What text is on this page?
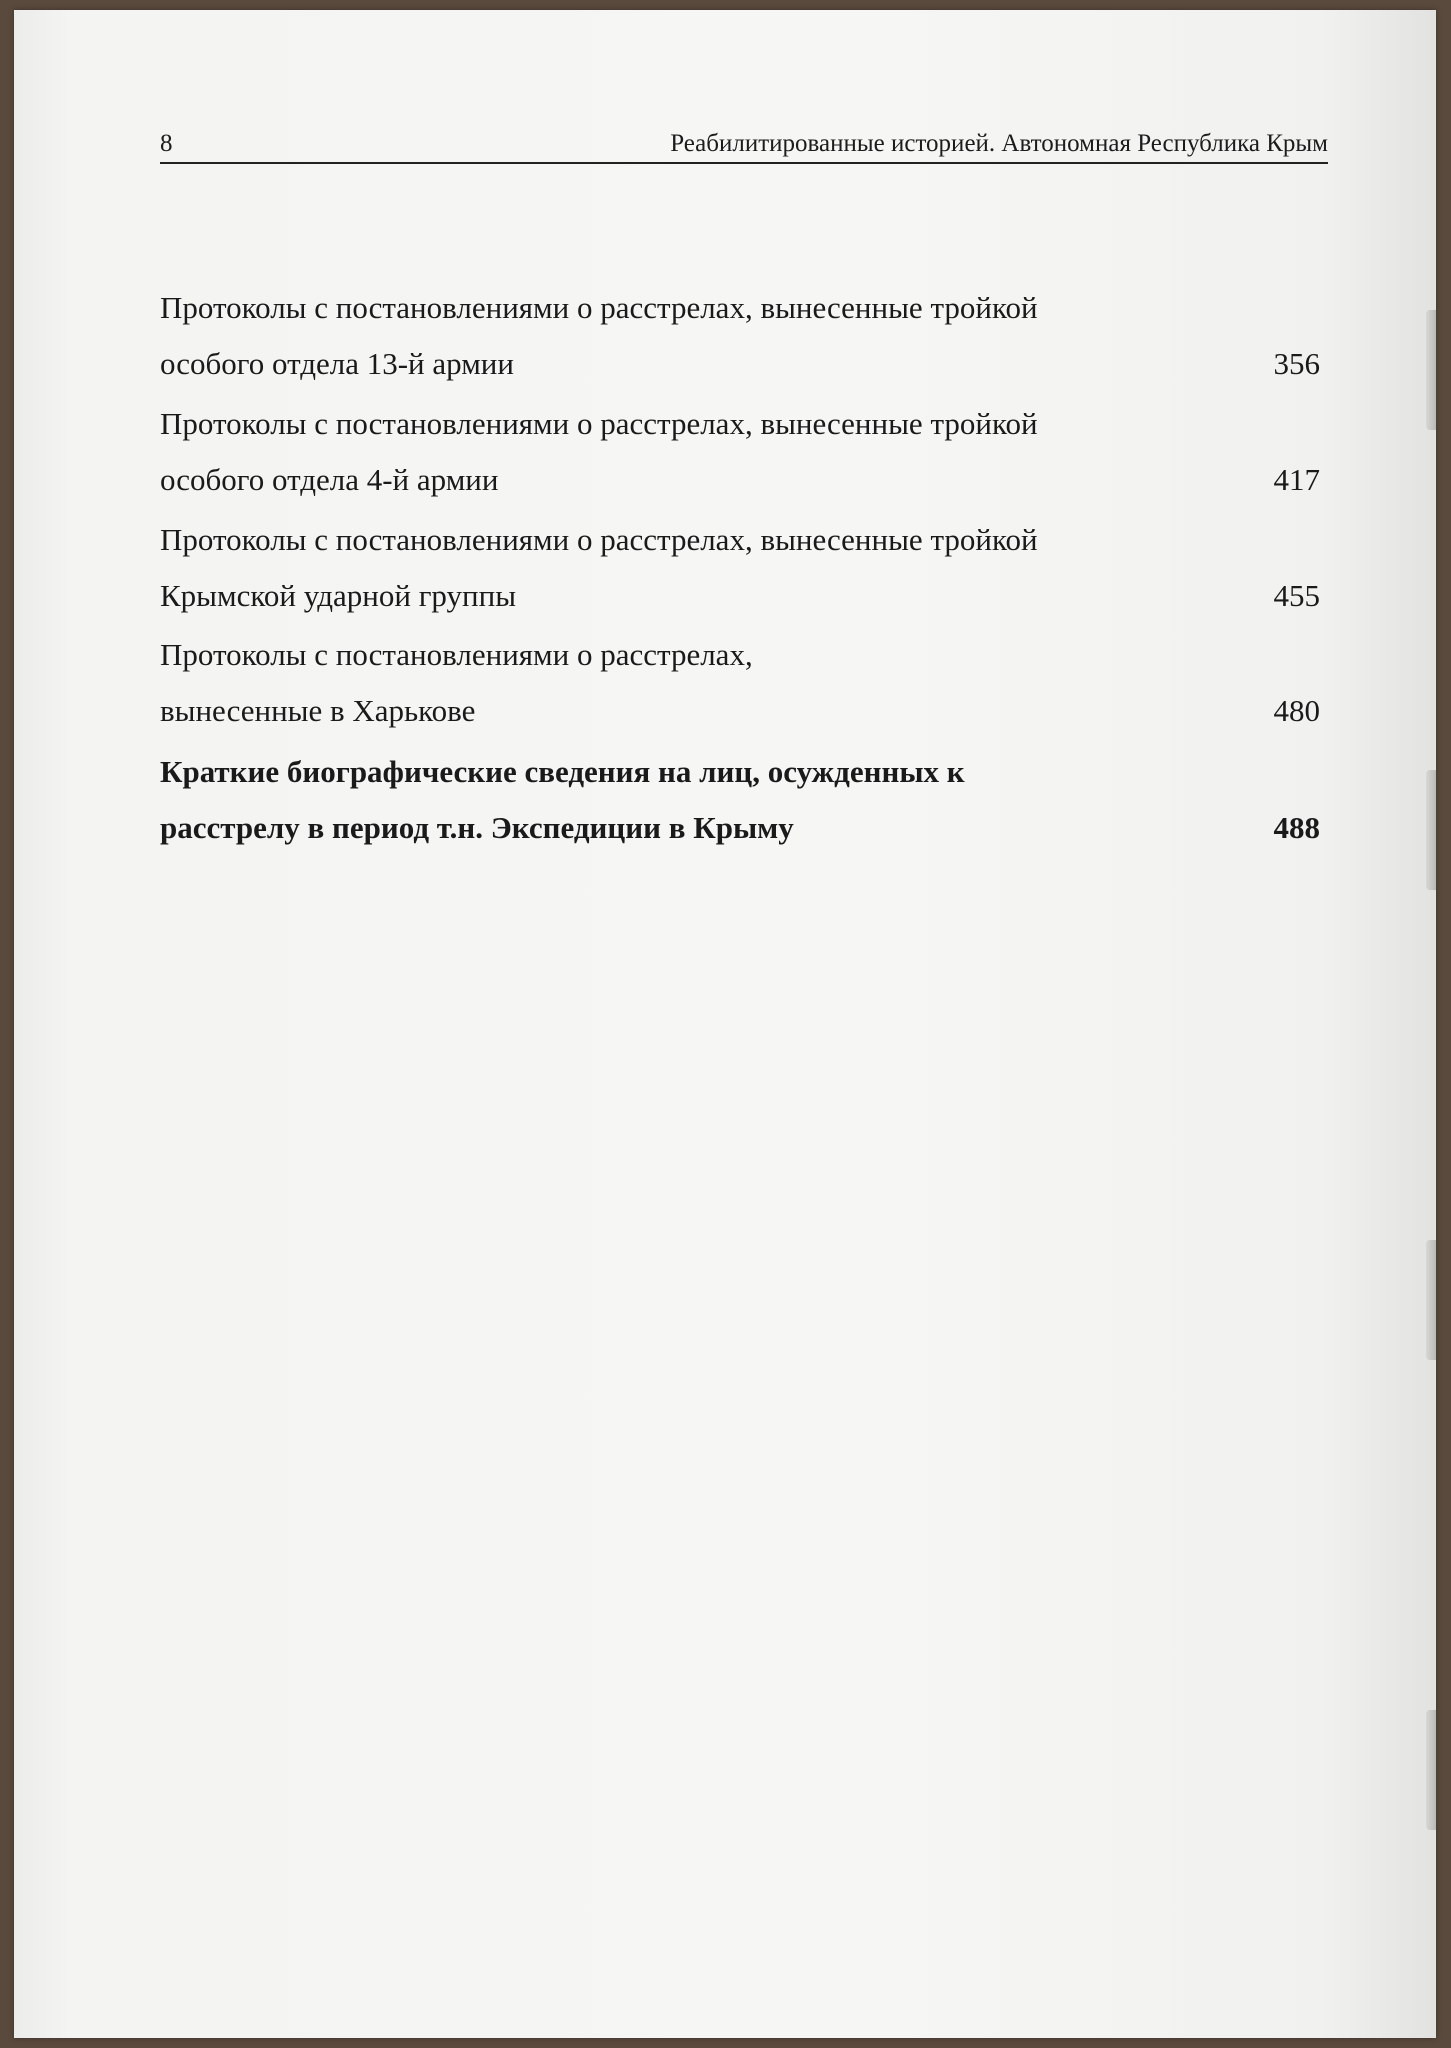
8	Реабилитированные историей. Автономная Республика Крым
Протоколы с постановлениями о расстрелах, вынесенные тройкой особого отдела 13-й армии	356
Протоколы с постановлениями о расстрелах, вынесенные тройкой особого отдела 4-й армии	417
Протоколы с постановлениями о расстрелах, вынесенные тройкой Крымской ударной группы	455
Протоколы с постановлениями о расстрелах, вынесенные в Харькове	480
Краткие биографические сведения на лиц, осужденных к расстрелу в период т.н. Экспедиции в Крыму	488
